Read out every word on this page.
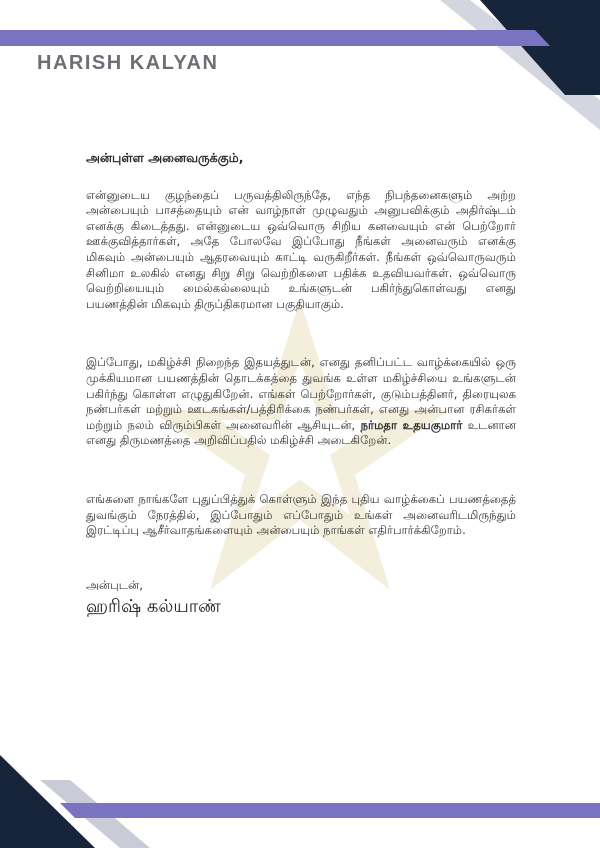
HARISH KALYAN
அன்புள்ள அனைவருக்கும்,

என்னுடைய குழந்தைப் பருவத்திலிருந்தே, எந்த நிபந்தனைகளும் அற்ற அன்பையும் பாசத்தையும் என் வாழ்நாள் முழுவதும் அனுபவிக்கும் அதிர்ஷ்டம் எனக்கு கிடைத்தது. என்னுடைய ஒவ்வொரு சிறிய கனவையும் என் பெற்றோர் ஊக்குவித்தார்கள், அதே போலவே இப்போது நீங்கள் அனைவரும் எனக்கு மிகவும் அன்பையும் ஆதரவையும் காட்டி வருகிறீர்கள். நீங்கள் ஒவ்வொருவரும் சினிமா உலகில் எனது சிறு சிறு வெற்றிகளை பதிக்க உதவியவர்கள். ஒவ்வொரு வெற்றியையும் மைல்கல்லையும் உங்களுடன் பகிர்ந்துகொள்வது எனது பயணத்தின் மிகவும் திருப்திகரமான பகுதியாகும்.

இப்போது, மகிழ்ச்சி நிறைந்த இதயத்துடன், எனது தனிப்பட்ட வாழ்க்கையில் ஒரு முக்கியமான பயணத்தின் தொடக்கத்தை துவங்க உள்ள மகிழ்ச்சியை உங்களுடன் பகிர்ந்து கொள்ள எழுதுகிறேன். எங்கள் பெற்றோர்கள், குடும்பத்தினர், திரையுலக நண்பர்கள் மற்றும் ஊடகங்கள்/பத்திரிக்கை நண்பர்கள், எனது அன்பான ரசிகர்கள் மற்றும் நலம் விரும்பிகள் அனைவரின் ஆசியுடன், நர்மதா உதயகுமார் உடனான எனது திருமணத்தை அறிவிப்பதில் மகிழ்ச்சி அடைகிறேன்.

எங்களை நாங்களே புதுப்பித்துக் கொள்ளும் இந்த புதிய வாழ்க்கைப் பயணத்தைத் துவங்கும் நேரத்தில், இப்போதும் எப்போதும் உங்கள் அனைவரிடமிருந்தும் இரட்டிப்பு ஆசீர்வாதங்களையும் அன்பையும் நாங்கள் எதிர்பார்க்கிறோம்.

அன்புடன்,
ஹரிஷ் கல்யாண்
